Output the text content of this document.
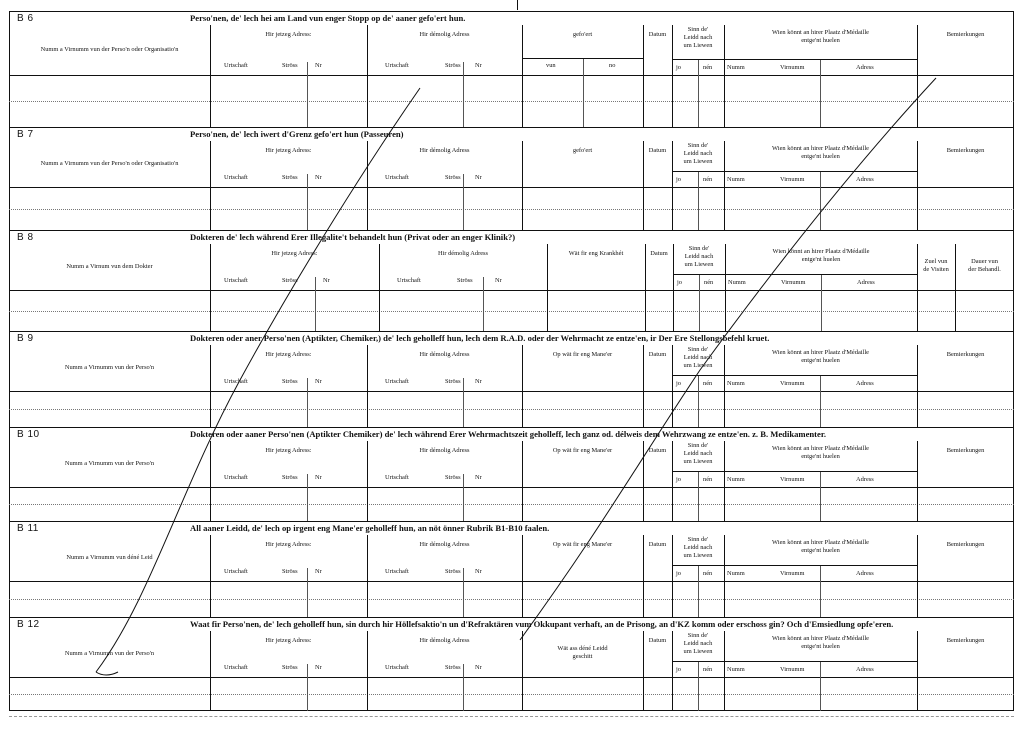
B 6	Perso'nen, de' lech hei am Land vun enger Stopp op de' aaner gefo'ert hun.
Numm a Virnumm vun der Perso'n oder Organisatio'n
Hir jetzeg Adress:
Urtschaft	Ströss	Nr
Hir démolig Adress
Urtschaft	Ströss Nr
gefo'ert
vun	no
Datum
Sinn de'
Leidd nach
um Liewen
jo	nén
Wien könnt an hirer Plaatz d'Médaille
entge'nt huelen
Numm	Virnumm	Adress
Bemierkungen
B 7	Perso'nen, de' lech iwert d'Grenz gefo'ert hun (Passeuren)
Numm a Virnumm vun der Perso'n oder Organisatio'n
Hir jetzeg Adress:
Urtschaft	Ströss	Nr
Hir démolig Adress
Urtschaft	Ströss Nr
gefo'ert	Datum
Sinn de'
Leidd nach
um Liewen
jo	nén
Wien könnt an hirer Plaatz d'Médaille
entge'nt huelen
Numm	Virnumm	Adress
Bemierkungen
B 8	Dokteren de' lech während Erer Illegalite't behandelt hun (Privat oder an enger Klinik?)
Numm a Virnum vun dem Dokter
Hir jetzeg Adress:
Urtschaft	Ströss	Nr
Hir démolig Adress
Urtschaft	Ströss	Nr
Wät fir eng Krankhét	Datum
Sinn de'
Leidd nach
um Liewen
jo	nén
Wien könnt an hirer Plaatz d'Médaille
entge'nt huelen
Numm	Virnumm	Adress
Zuel vun
de Visiten
Dauer vun
der Behandl.
B 9	Dokteren oder aner Perso'nen (Aptikter, Chemiker,) de' lech geholleff hun, lech dem R.A.D. oder der Wehrmacht ze entze'en, ir Der Ere Stellongsbefehl kruet.
Numm a Virnumm vun der Perso'n
Hir jetzeg Adress:
Urtschaft	Ströss	Nr
Hir démolig Adress
Urtschaft	Ströss Nr
Op wät fir eng Mane'er	Datum
Sinn de'
Leidd nach
um Liewen
jo	nén
Wien könnt an hirer Plaatz d'Médaille
entge'nt huelen
Numm	Virnumm	Adress
Bemierkungen
B 10	Dokteren oder aaner Perso'nen (Aptikter Chemiker) de' lech während Erer Wehrmachtszeit geholleff, lech ganz od. délweis dem Wehrzwang ze entze'en. z. B. Medikamenter.
Numm a Virnumm vun der Perso'n
Hir jetzeg Adress:
Urtschaft	Ströss	Nr
Hir démolig Adress
Urtschaft	Ströss Nr
Op wät fir eng Mane'er	Datum
Sinn de'
Leidd nach
um Liewen
jo	nén
Wien könnt an hirer Plaatz d'Médaille
entge'nt huelen
Numm	Virnumm	Adress
Bemierkungen
B 11	All aaner Leidd, de' lech op irgent eng Mane'er geholleff hun, an nöt önner Rubrik B1-B10 faalen.
Numm a Virnumm vun déné Leid
Hir jetzeg Adress:
Urtschaft	Ströss	Nr
Hir démolig Adress
Urtschaft	Ströss Nr
Op wät fir eng Mane'er	Datum
Sinn de'
Leidd nach
um Liewen
jo	nén
Wien könnt an hirer Plaatz d'Médaille
entge'nt huelen
Numm	Virnumm	Adress
Bemierkungen
B 12	Waat fir Perso'nen, de' lech geholleff hun, sin durch hir Höllefsaktio'n un d'Refraktären vum Okkupant verhaft, an de Prisong, an d'KZ komm oder erschoss gin? Och d'Emsiedlung opfe'eren.
Numm a Virnumm vun der Perso'n
Hir jetzeg Adress:
Urtschaft	Ströss	Nr
Hir démolig Adress
Urtschaft	Ströss Nr
Wät ass déné Leidd
geschitt
Datum
Sinn de'
Leidd nach
um Liewen
jo	nén
Wien könnt an hirer Plaatz d'Médaille
entge'nt huelen
Numm	Virnumm	Adress
Bemierkungen
